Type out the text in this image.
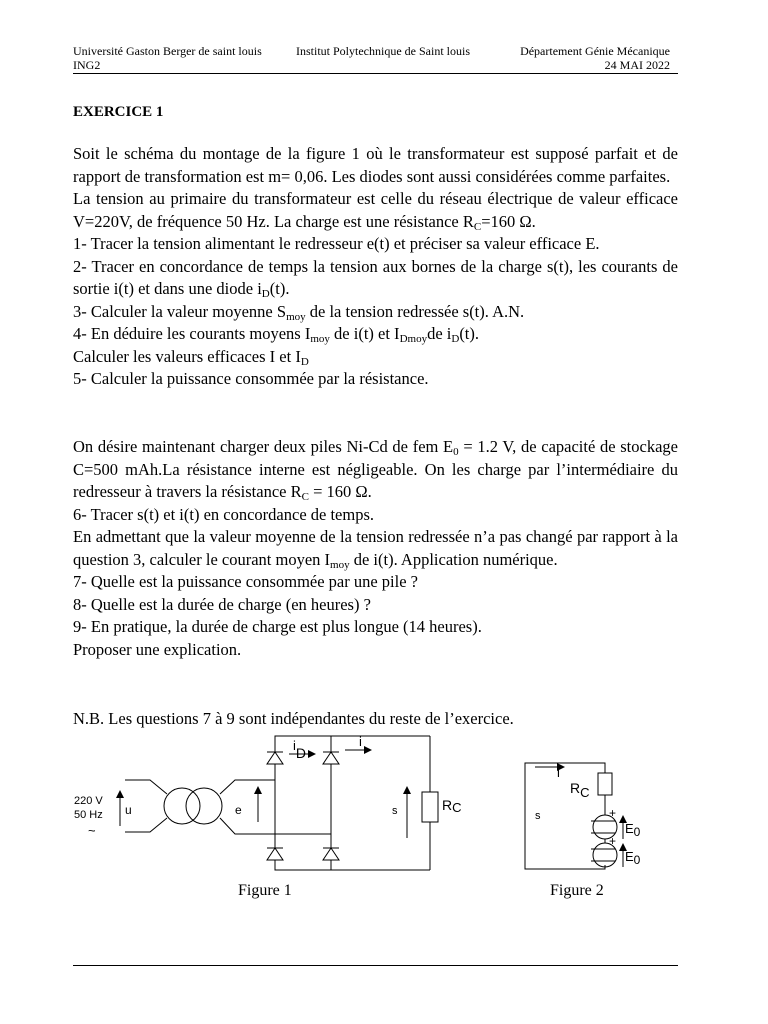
Université Gaston Berger de saint louis	Institut Polytechnique de Saint louis	Département Génie Mécanique
ING2	24 MAI 2022
EXERCICE 1

Soit le schéma du montage de la figure 1 où le transformateur est supposé parfait et de rapport de transformation est m= 0,06. Les diodes sont aussi considérées comme parfaites.

La tension au primaire du transformateur est celle du réseau électrique de valeur efficace V=220V, de fréquence 50 Hz. La charge est une résistance $R_C=160$ Ω.

1- Tracer la tension alimentant le redresseur e(t) et préciser sa valeur efficace E.

2- Tracer en concordance de temps la tension aux bornes de la charge s(t), les courants de sortie i(t) et dans une diode $i_D(t)$.

3- Calculer la valeur moyenne $S_{moy}$ de la tension redressée s(t). A.N.

4- En déduire les courants moyens $I_{moy}$ de i(t) et $I_{Dmoy}de$ $i_D(t)$.

Calculer les valeurs efficaces I et $I_D$

5- Calculer la puissance consommée par la résistance.

On désire maintenant charger deux piles Ni-Cd de fem $E_0 = 1.2$ V, de capacité de stockage C=500 mAh.La résistance interne est négligeable. On les charge par l’intermédiaire du redresseur à travers la résistance $R_C = 160$ Ω.

6- Tracer s(t) et i(t) en concordance de temps.

En admettant que la valeur moyenne de la tension redressée n’a pas changé par rapport à la question 3, calculer le courant moyen $I_{moy}$ de i(t). Application numérique.

7- Quelle est la puissance consommée par une pile ?

8- Quelle est la durée de charge (en heures) ?

9- En pratique, la durée de charge est plus longue (14 heures).

Proposer une explication.

N.B. Les questions 7 à 9 sont indépendantes du reste de l’exercice.

220 V
50 Hz
~
u	e
iD
i
s	RC
Figure 1
i
s
RC
+
+
E0
E0
Figure 2
